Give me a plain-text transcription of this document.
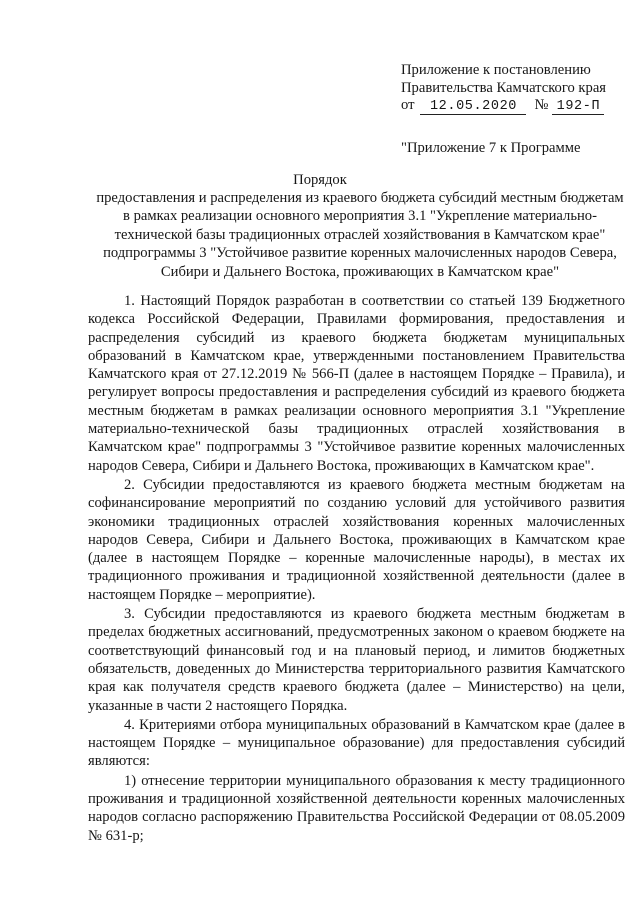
Приложение к постановлению
Правительства Камчатского края
от 12.05.2020 № 192-П
"Приложение 7 к Программе
Порядок
предоставления и распределения из краевого бюджета субсидий местным бюджетам в рамках реализации основного мероприятия 3.1 "Укрепление материально-технической базы традиционных отраслей хозяйствования в Камчатском крае" подпрограммы 3 "Устойчивое развитие коренных малочисленных народов Севера, Сибири и Дальнего Востока, проживающих в Камчатском крае"

1. Настоящий Порядок разработан в соответствии со статьей 139 Бюджетного кодекса Российской Федерации, Правилами формирования, предоставления и распределения субсидий из краевого бюджета бюджетам муниципальных образований в Камчатском крае, утвержденными постановлением Правительства Камчатского края от 27.12.2019 № 566-П (далее в настоящем Порядке – Правила), и регулирует вопросы предоставления и распределения субсидий из краевого бюджета местным бюджетам в рамках реализации основного мероприятия 3.1 "Укрепление материально-технической базы традиционных отраслей хозяйствования в Камчатском крае" подпрограммы 3 "Устойчивое развитие коренных малочисленных народов Севера, Сибири и Дальнего Востока, проживающих в Камчатском крае".

2. Субсидии предоставляются из краевого бюджета местным бюджетам на софинансирование мероприятий по созданию условий для устойчивого развития экономики традиционных отраслей хозяйствования коренных малочисленных народов Севера, Сибири и Дальнего Востока, проживающих в Камчатском крае (далее в настоящем Порядке – коренные малочисленные народы), в местах их традиционного проживания и традиционной хозяйственной деятельности (далее в настоящем Порядке – мероприятие).

3. Субсидии предоставляются из краевого бюджета местным бюджетам в пределах бюджетных ассигнований, предусмотренных законом о краевом бюджете на соответствующий финансовый год и на плановый период, и лимитов бюджетных обязательств, доведенных до Министерства территориального развития Камчатского края как получателя средств краевого бюджета (далее – Министерство) на цели, указанные в части 2 настоящего Порядка.

4. Критериями отбора муниципальных образований в Камчатском крае (далее в настоящем Порядке – муниципальное образование) для предоставления субсидий являются:

1) отнесение территории муниципального образования к месту традиционного проживания и традиционной хозяйственной деятельности коренных малочисленных народов согласно распоряжению Правительства Российской Федерации от 08.05.2009 № 631-р;
